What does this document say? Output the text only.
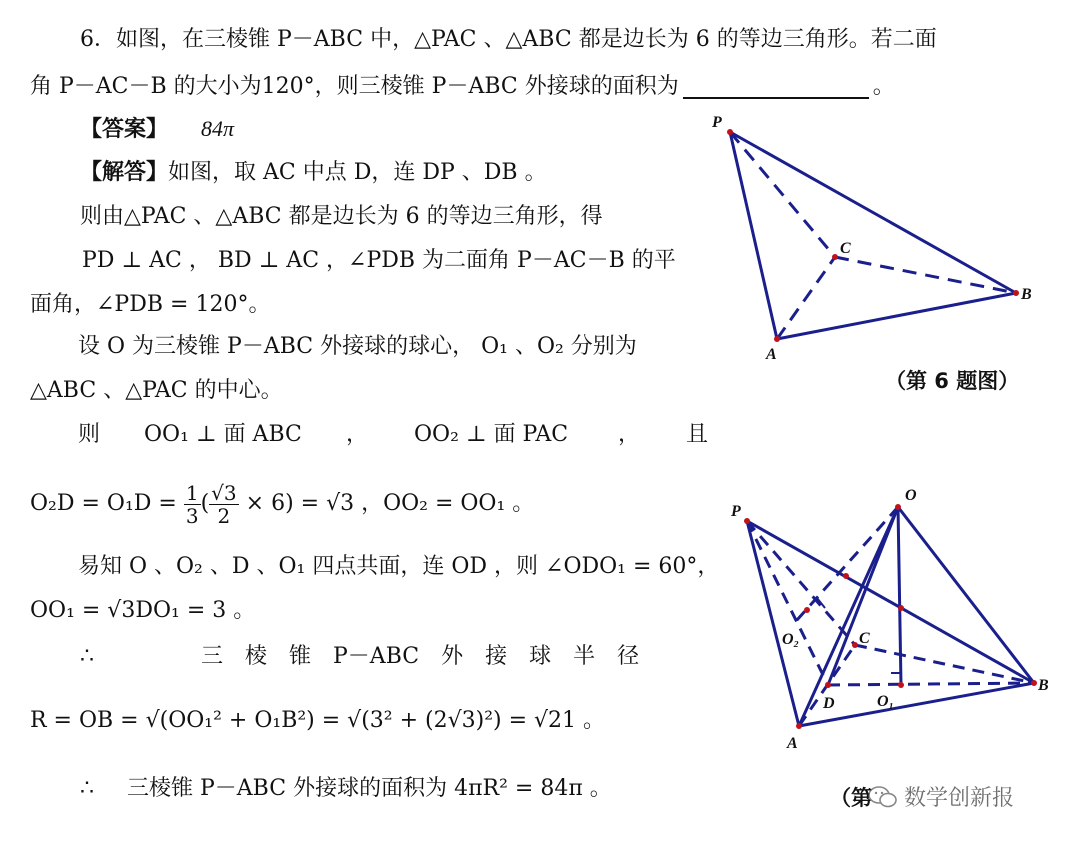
6．如图，在三棱锥 P－ABC 中，△PAC 、△ABC 都是边长为 6 的等边三角形。若二面
角 P－AC－B 的大小为120°，则三棱锥 P－ABC 外接球的面积为	。
【答案】 84π
【解答】如图，取 AC 中点 D，连 DP 、DB 。
则由△PAC 、△ABC 都是边长为 6 的等边三角形，得
PD ⊥ AC ， BD ⊥ AC ，∠PDB 为二面角 P－AC－B 的平
面角，∠PDB = 120°。
设 O 为三棱锥 P－ABC 外接球的球心， O₁ 、O₂ 分别为
△ABC 、△PAC 的中心。
则 OO₁ ⊥ 面 ABC ， OO₂ ⊥ 面 PAC ， 且
$O_2D = O_1D = \frac{1}{3}$ ( $\frac{√3}{2} \times 6) = √3$ ，OO₂ = OO₁ 。
易知 O 、O₂ 、D 、O₁ 四点共面，连 OD ，则 ∠ODO₁ = 60°，
OO₁ = √3DO₁ = 3 。
∴	三　棱　锥　P－ABC　外　接　球　半　径
R = OB = √(OO₁² + O₁B²) = √(3² + (2√3)²) = √21 。
∴ 三棱锥 P－ABC 外接球的面积为 4πR² = 84π 。
P
A
B
C
（第 6 题图）
P
O
A
B
C
D	O₁
O₂
（第 数学创新报
